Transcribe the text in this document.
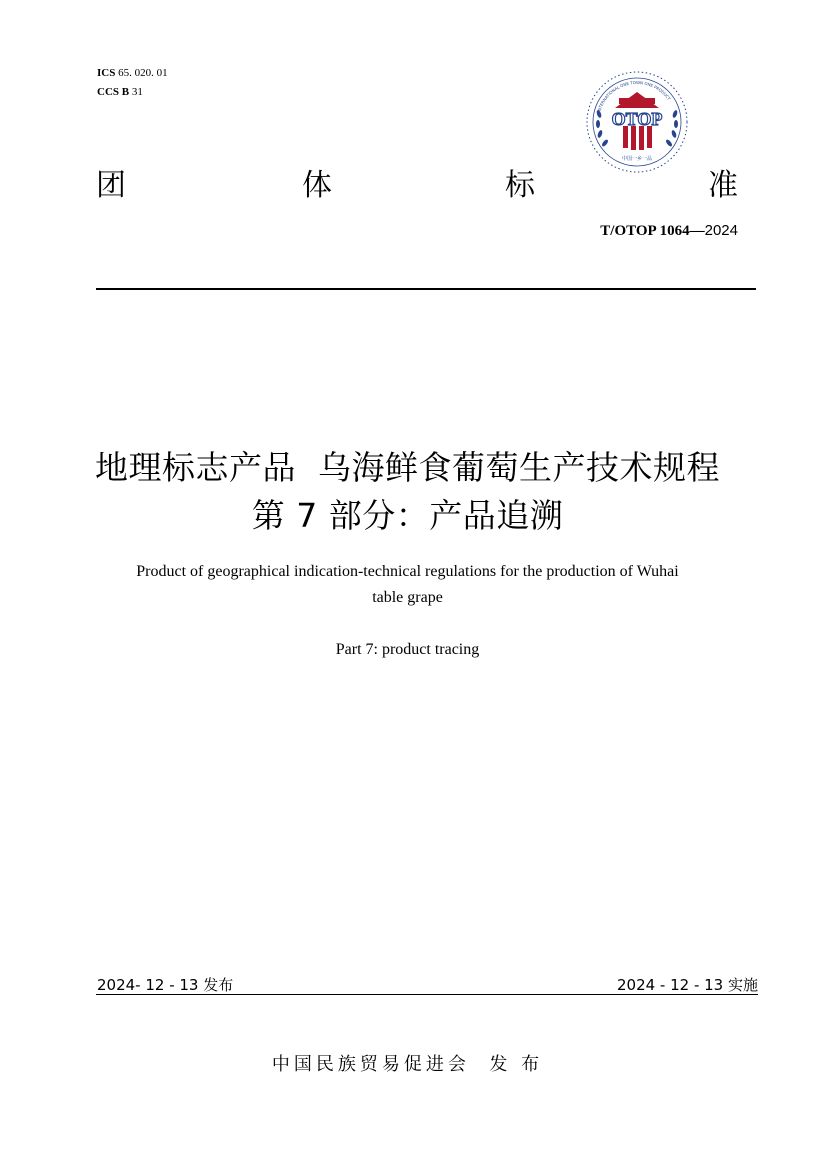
ICS 65. 020. 01
CCS B 31
INTERNATIONAL ONE TOWN ONE PRODUCT
OTOP
中国一乡一品
团	体	标	准
T/OTOP 1064—2024
地理标志产品  乌海鲜食葡萄生产技术规程
第 7 部分：产品追溯
Product of geographical indication-technical regulations for the production of Wuhai
table grape
Part 7: product tracing
2024- 12 - 13 发布	2024 - 12 - 13 实施
中国民族贸易促进会  发 布
